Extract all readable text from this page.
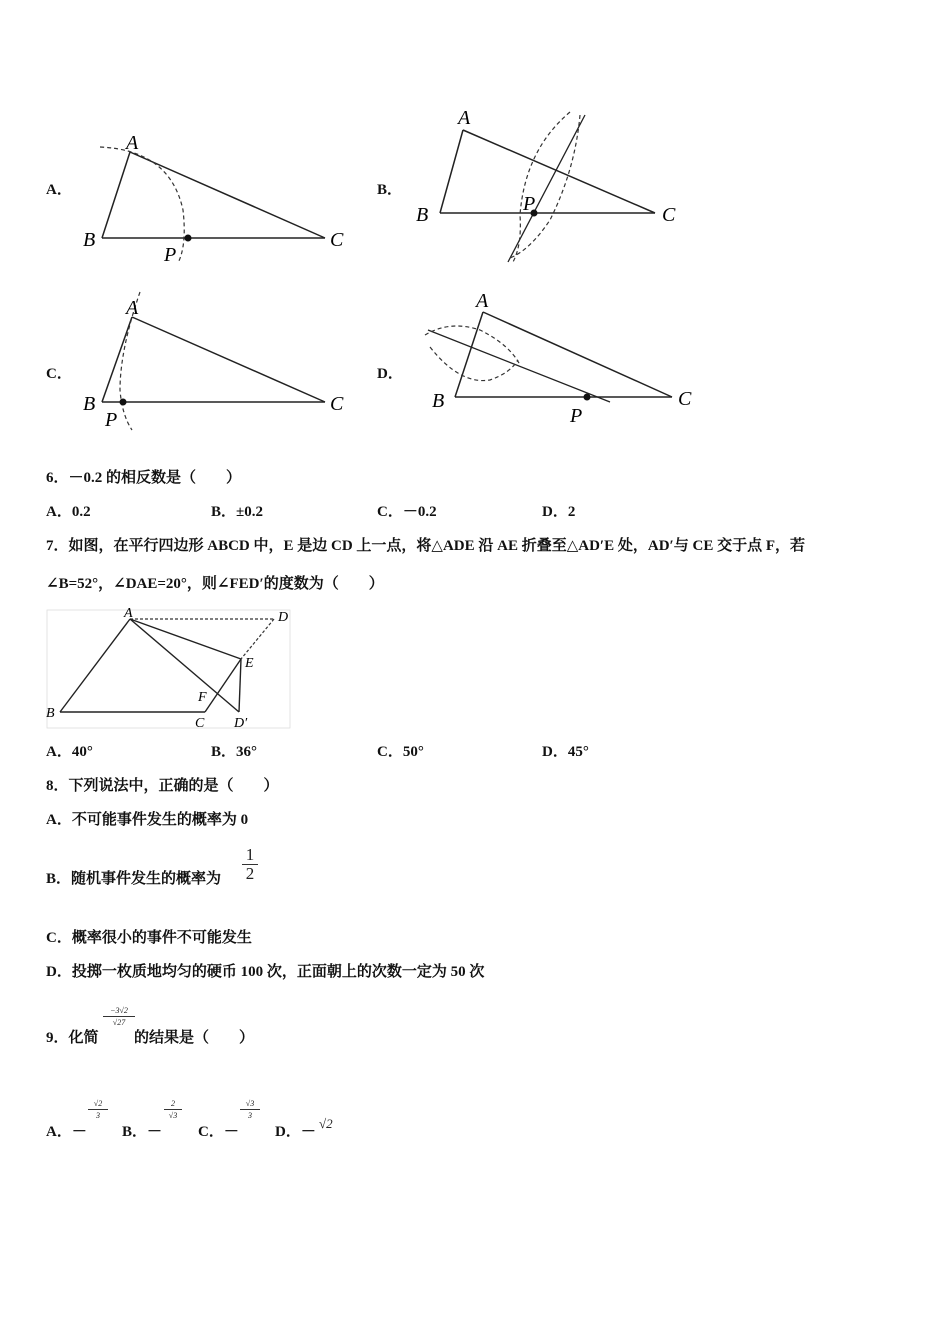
A．
A
B	C
P
B．
A
B	C
P
C．
A
B	C
P
D．
A
B	C
P
6．－0.2 的相反数是（　　）
A．0.2	B．±0.2	C．－0.2	D．2
7．如图，在平行四边形 ABCD 中，E 是边 CD 上一点，将△ADE 沿 AE 折叠至△AD′E 处，AD′与 CE 交于点 F，若
∠B=52°，∠DAE=20°，则∠FED′的度数为（　　）
A
B
C
D
E
F
D′
A．40°	B．36°	C．50°	D．45°
8．下列说法中，正确的是（　　）
A．不可能事件发生的概率为 0
B．随机事件发生的概率为 $\frac{1}{2}$
C．概率很小的事件不可能发生
D．投掷一枚质地均匀的硬币 100 次，正面朝上的次数一定为 50 次
9．化简
$\frac{-3√2}{√27}$
的结果是（　　）
A．－
$\frac{√2}{3}$
B．－
$\frac{2}{√3}$
C．－
$\frac{√3}{3}$
D．－
√2
